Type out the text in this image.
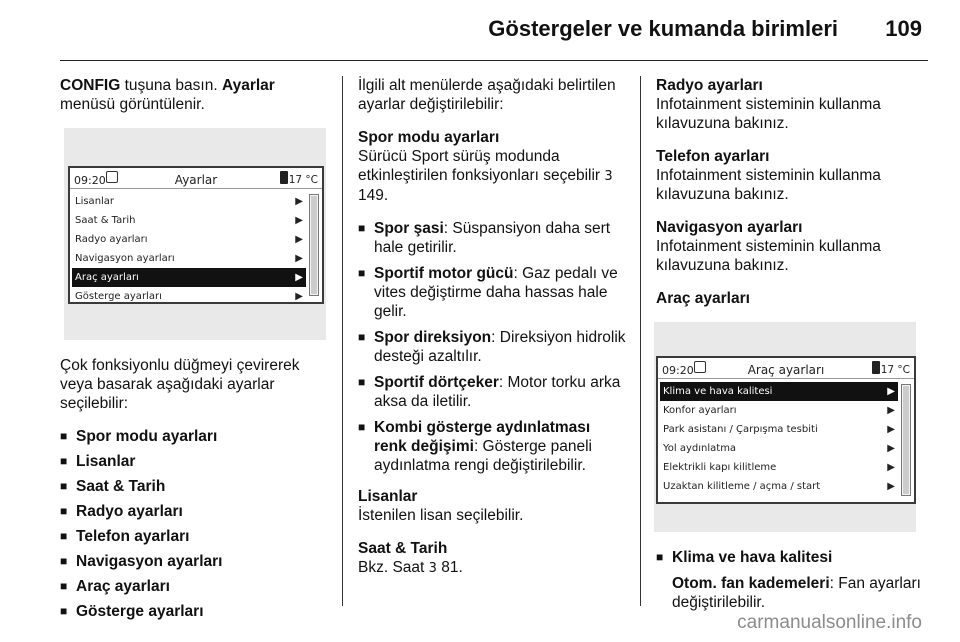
Göstergeler ve kumanda birimleri 109

CONFIG tuşuna basın. Ayarlar menüsü görüntülenir.

09:20	Ayarlar	17 °C
Lisanlar	▶
Saat & Tarih	▶
Radyo ayarları	▶
Navigasyon ayarları	▶
Araç ayarları	▶
Gösterge ayarları	▶

Çok fonksiyonlu düğmeyi çevirerek veya basarak aşağıdaki ayarlar seçilebilir:

■ Spor modu ayarları
■ Lisanlar
■ Saat & Tarih
■ Radyo ayarları
■ Telefon ayarları
■ Navigasyon ayarları
■ Araç ayarları
■ Gösterge ayarları

İlgili alt menülerde aşağıdaki belirtilen ayarlar değiştirilebilir:

Spor modu ayarları

Sürücü Sport sürüş modunda etkinleştirilen fonksiyonları seçebilir 3 149.

■ Spor şasi: Süspansiyon daha sert hale getirilir.
■ Sportif motor gücü: Gaz pedalı ve vites değiştirme daha hassas hale gelir.
■ Spor direksiyon: Direksiyon hidrolik desteği azaltılır.
■ Sportif dörtçeker: Motor torku arka aksa da iletilir.
■ Kombi gösterge aydınlatması renk değişimi: Gösterge paneli aydınlatma rengi değiştirilebilir.
Lisanlar

İstenilen lisan seçilebilir.

Saat & Tarih

Bkz. Saat 3 81.

Radyo ayarları

Infotainment sisteminin kullanma kılavuzuna bakınız.

Telefon ayarları

Infotainment sisteminin kullanma kılavuzuna bakınız.

Navigasyon ayarları

Infotainment sisteminin kullanma kılavuzuna bakınız.

Araç ayarları
09:20	Araç ayarları	17 °C
Klima ve hava kalitesi	▶
Konfor ayarları	▶
Park asistanı / Çarpışma tesbiti	▶
Yol aydınlatma	▶
Elektrikli kapı kilitleme	▶
Uzaktan kilitleme / açma / start	▶
■ Klima ve hava kalitesi

Otom. fan kademeleri: Fan ayarları değiştirilebilir.

carmanualsonline.info
